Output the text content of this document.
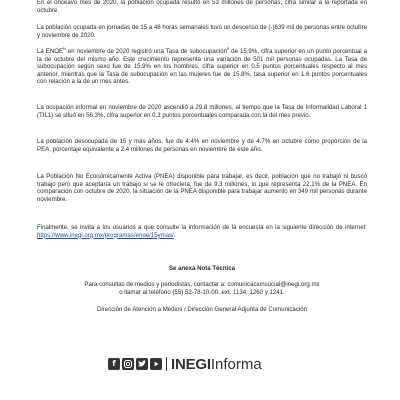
En el onceavo mes de 2020, la población ocupada resultó en 53 millones de personas, cifra similar a la reportada en octubre.

La población ocupada en jornadas de 15 a 48 horas semanales tuvo un descenso de (-)639 mil de personas entre octubre y noviembre de 2020.

La $ENOE^N$ en noviembre de 2020 registró una Tasa de subocupación$^2$ de 15.9%, cifra superior en un punto porcentual a la de octubre del mismo año. Este crecimiento representa una variación de 501 mil personas ocupadas. La Tasa de subocupación según sexo fue de 15.9% en los hombres, cifra superior en 0.5 puntos porcentuales respecto al mes anterior, mientras que la Tasa de subocupación en las mujeres fue de 15.8%, tasa superior en 1.6 puntos porcentuales con relación a la de un mes antes.

La ocupación informal en noviembre de 2020 ascendió a 29.8 millones, al tiempo que la Tasa de Informalidad Laboral 1 (TIL1) se situó en 56.3%, cifra superior en 0.3 puntos porcentuales comparada con la del mes previo.

La población desocupada de 15 y más años, fue de 4.4% en noviembre y de 4.7% en octubre como proporción de la PEA, porcentaje equivalente a 2.4 millones de personas en noviembre de este año.

La Población No Económicamente Activa (PNEA) disponible para trabajar, es decir, población que no trabajó ni buscó trabajo pero que aceptaría un trabajo si se le ofreciera, fue de 9.3 millones, lo que representa 22.1% de la PNEA. En comparación con octubre de 2020, la situación de la PNEA disponible para trabajar aumento en 349 mil personas durante noviembre.

Finalmente, se invita a los usuarios a que consulte la información de la encuesta en la siguiente dirección de internet: https://www.inegi.org.mx/programas/enoe/15ymas/.

Se anexa Nota Técnica
Para consultas de medios y periodistas, contactar a: comunicacionsocial@inegi.org.mx
o llamar al teléfono (55) 52-78-10-00, ext. 1134, 1260 y 1241.
Dirección de Atención a Medios / Dirección General Adjunta de Comunicación
f	INEGI Informa
